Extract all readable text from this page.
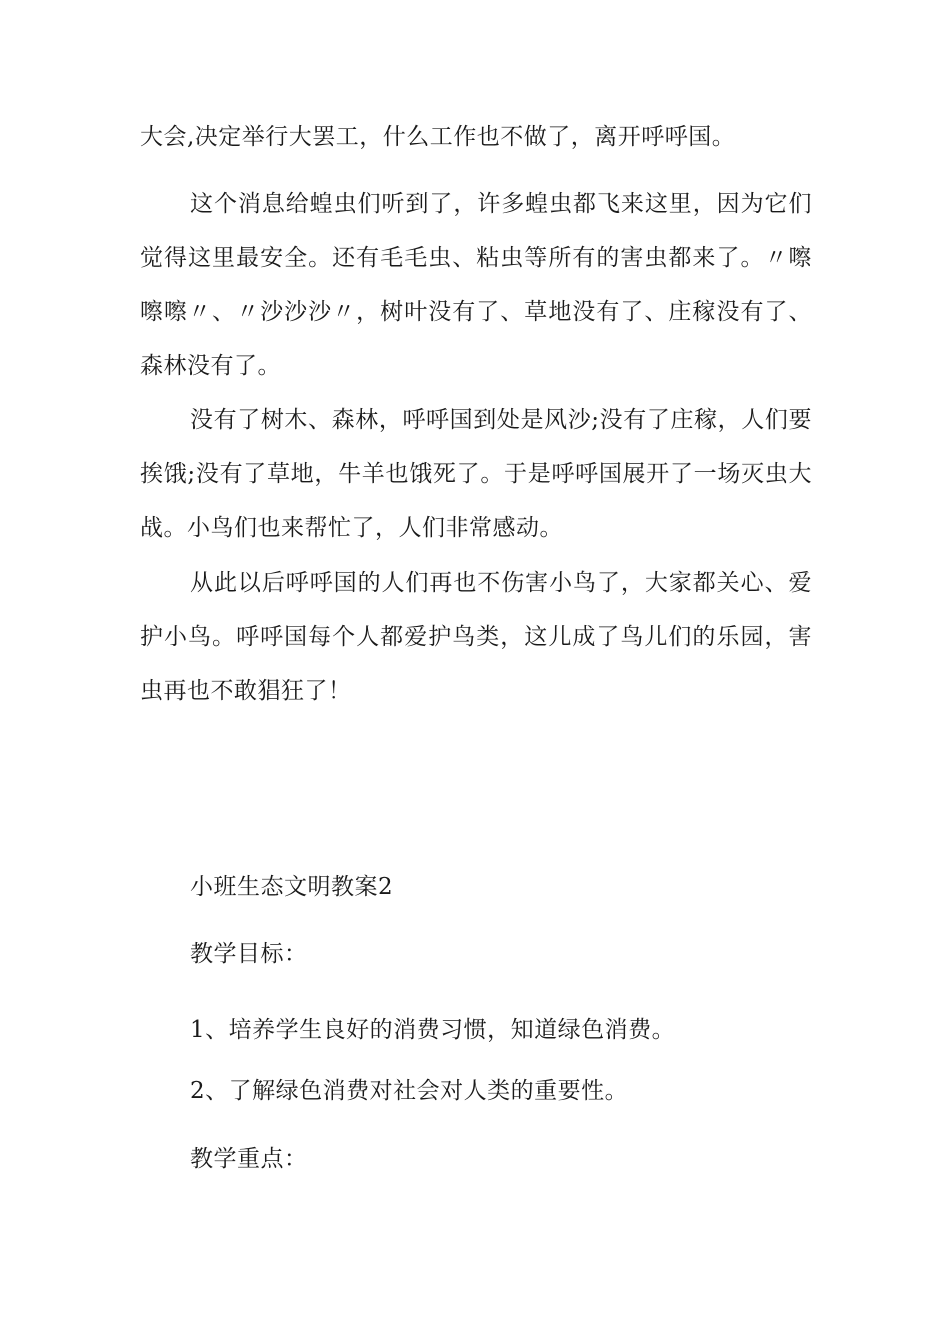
大会,决定举行大罢工，什么工作也不做了，离开呼呼国。

这个消息给蝗虫们听到了，许多蝗虫都飞来这里，因为它们觉得这里最安全。还有毛毛虫、粘虫等所有的害虫都来了。〃嚓嚓嚓〃、〃沙沙沙〃，树叶没有了、草地没有了、庄稼没有了、森林没有了。

没有了树木、森林，呼呼国到处是风沙;没有了庄稼，人们要挨饿;没有了草地，牛羊也饿死了。于是呼呼国展开了一场灭虫大战。小鸟们也来帮忙了，人们非常感动。

从此以后呼呼国的人们再也不伤害小鸟了，大家都关心、爱护小鸟。呼呼国每个人都爱护鸟类，这儿成了鸟儿们的乐园，害虫再也不敢猖狂了！

小班生态文明教案2

教学目标：

1、培养学生良好的消费习惯，知道绿色消费。

2、了解绿色消费对社会对人类的重要性。

教学重点：
